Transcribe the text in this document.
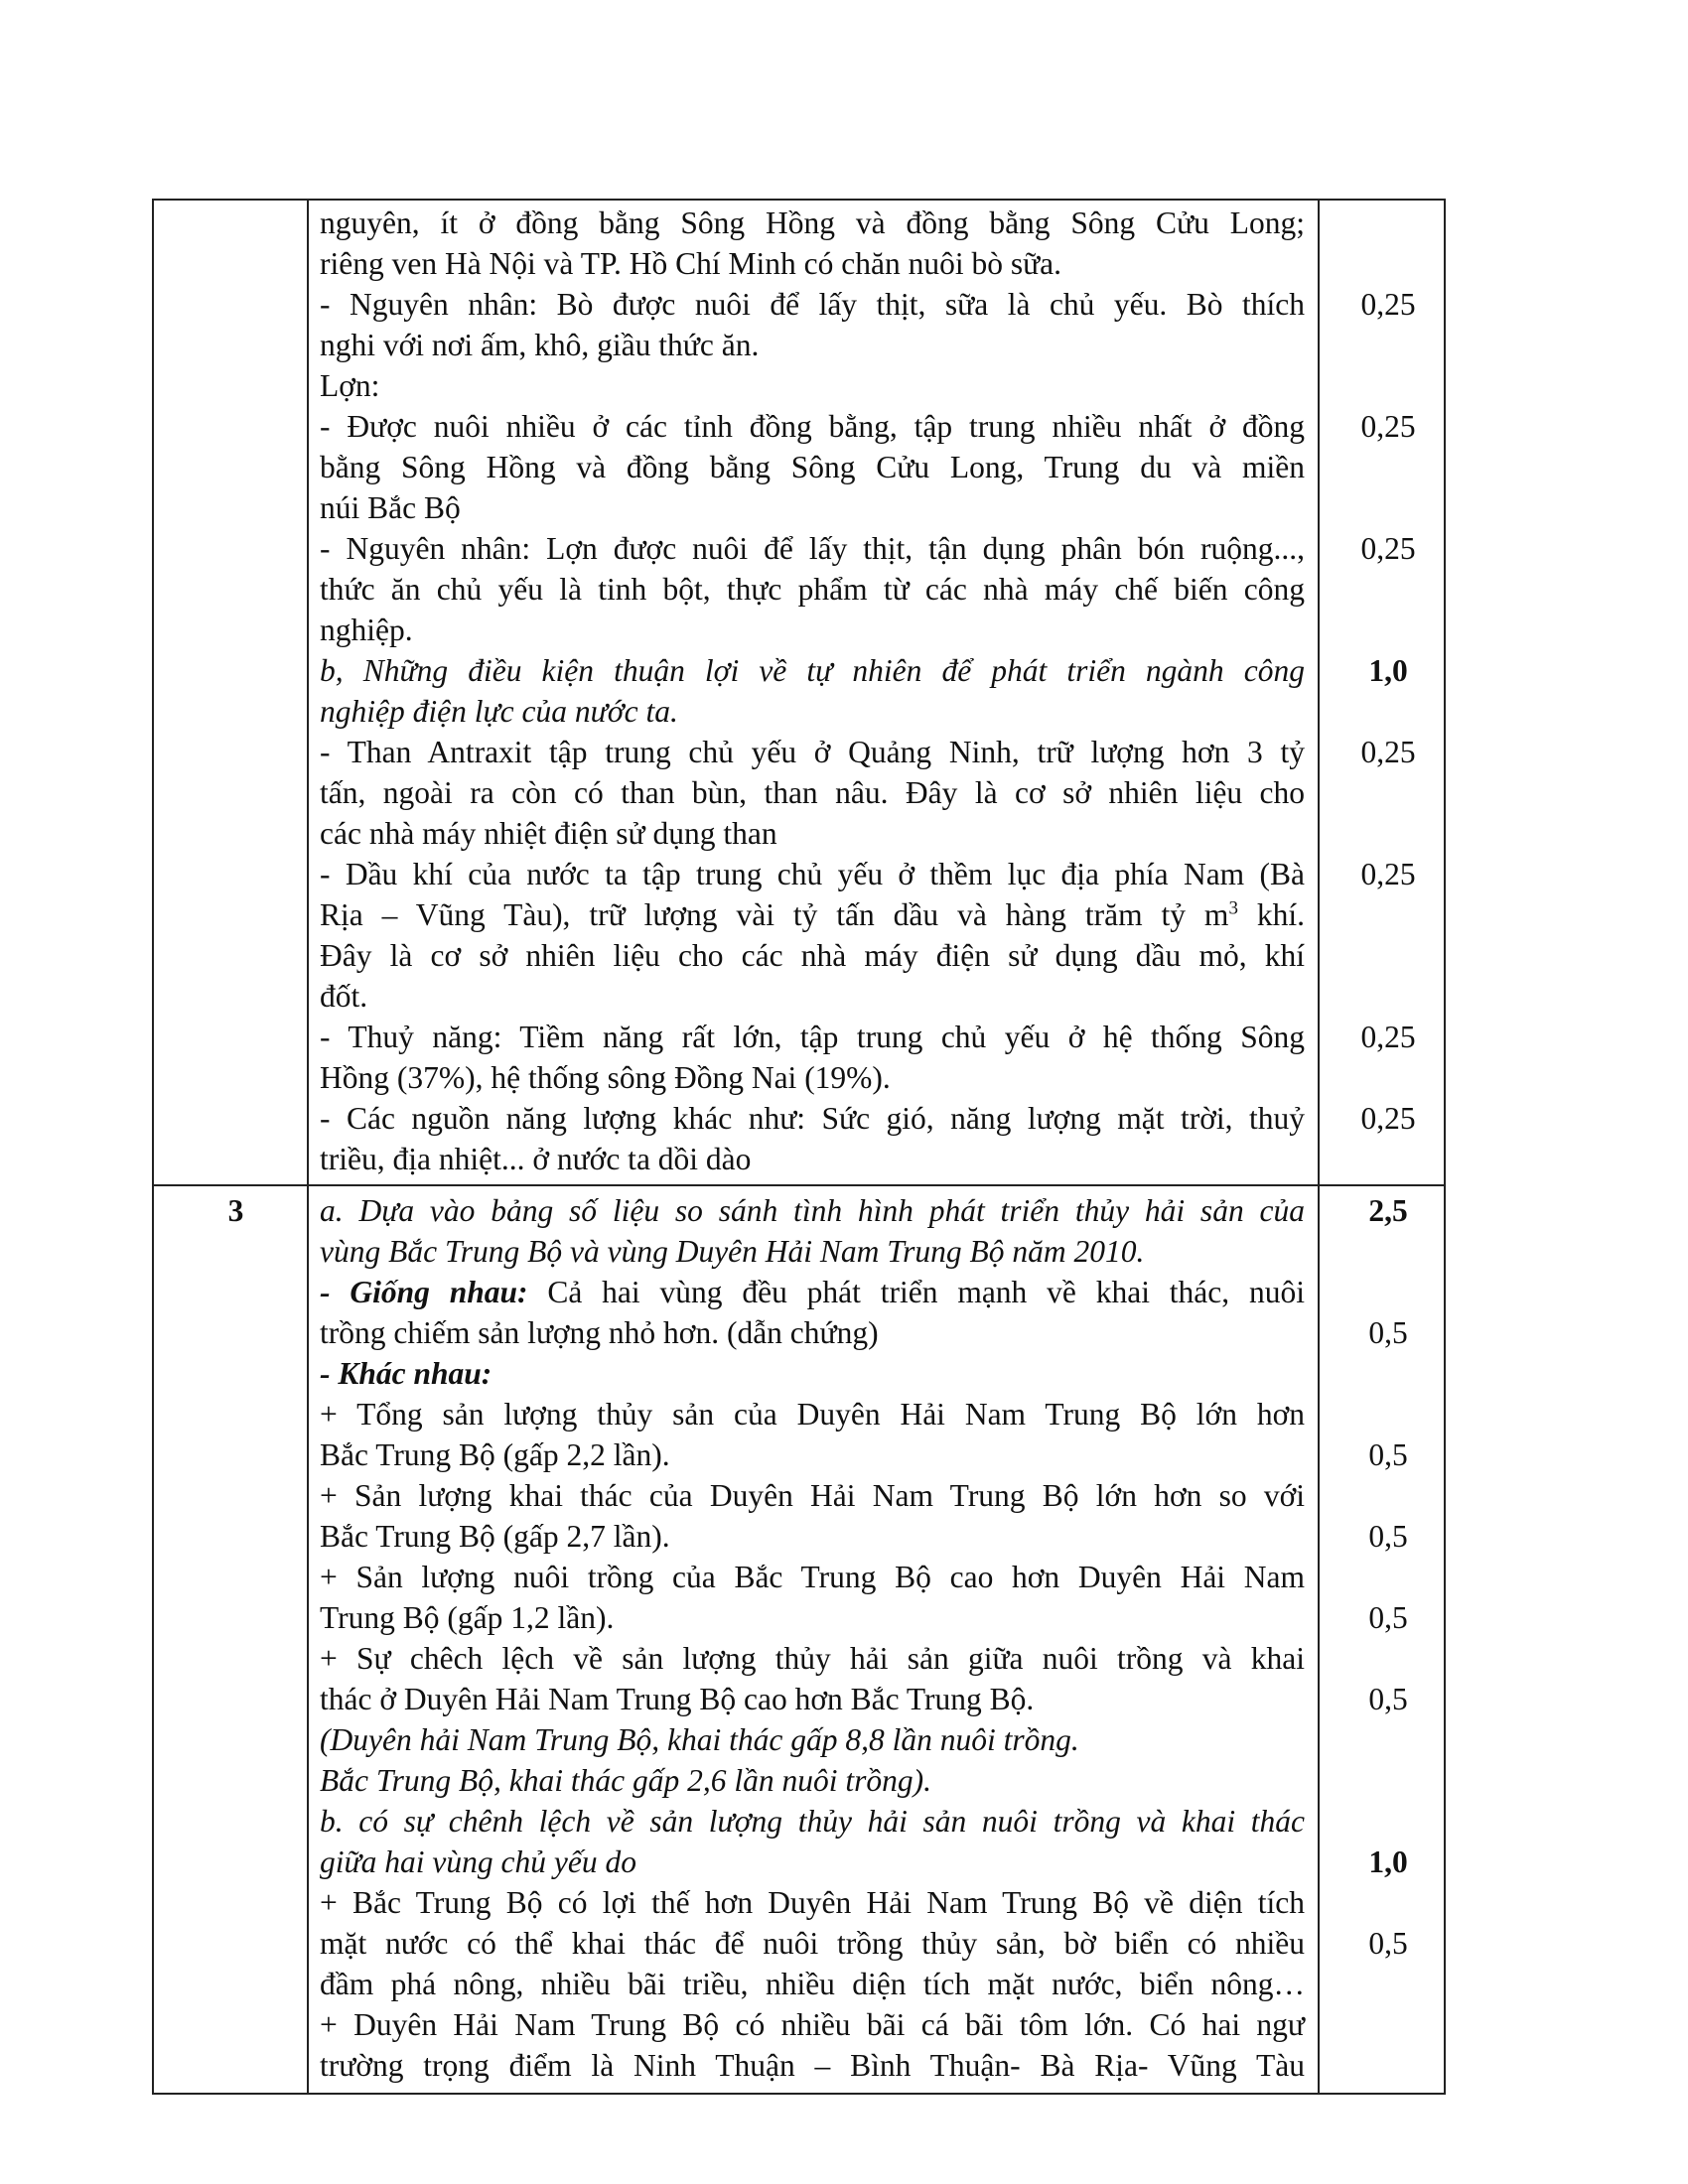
nguyên, ít ở đồng bằng Sông Hồng và đồng bằng Sông Cửu Long;
riêng ven Hà Nội và TP. Hồ Chí Minh có chăn nuôi bò sữa.
- Nguyên nhân: Bò được nuôi để lấy thịt, sữa là chủ yếu. Bò thích
nghi với nơi ấm, khô, giầu thức ăn.
Lợn:
- Được nuôi nhiều ở các tỉnh đồng bằng, tập trung nhiều nhất ở đồng
bằng Sông Hồng và đồng bằng Sông Cửu Long, Trung du và miền
núi Bắc Bộ
- Nguyên nhân: Lợn được nuôi để lấy thịt, tận dụng phân bón ruộng...,
thức ăn chủ yếu là tinh bột, thực phẩm từ các nhà máy chế biến công
nghiệp.
b, Những điều kiện thuận lợi về tự nhiên để phát triển ngành công
nghiệp điện lực của nước ta.
- Than Antraxit tập trung chủ yếu ở Quảng Ninh, trữ lượng hơn 3 tỷ
tấn, ngoài ra còn có than bùn, than nâu. Đây là cơ sở nhiên liệu cho
các nhà máy nhiệt điện sử dụng than
- Dầu khí của nước ta tập trung chủ yếu ở thềm lục địa phía Nam (Bà
Rịa – Vũng Tàu), trữ lượng vài tỷ tấn dầu và hàng trăm tỷ $m^3$ khí.
Đây là cơ sở nhiên liệu cho các nhà máy điện sử dụng dầu mỏ, khí
đốt.
- Thuỷ năng: Tiềm năng rất lớn, tập trung chủ yếu ở hệ thống Sông
Hồng (37%), hệ thống sông Đồng Nai (19%).
- Các nguồn năng lượng khác như: Sức gió, năng lượng mặt trời, thuỷ
triều, địa nhiệt... ở nước ta dồi dào
0,25
0,25
0,25
1,0
0,25
0,25
0,25
0,25
3	a. Dựa vào bảng số liệu so sánh tình hình phát triển thủy hải sản của
vùng Bắc Trung Bộ và vùng Duyên Hải Nam Trung Bộ năm 2010.
- Giống nhau: Cả hai vùng đều phát triển mạnh về khai thác, nuôi
trồng chiếm sản lượng nhỏ hơn. (dẫn chứng)
- Khác nhau:
+ Tổng sản lượng thủy sản của Duyên Hải Nam Trung Bộ lớn hơn
Bắc Trung Bộ (gấp 2,2 lần).
+ Sản lượng khai thác của Duyên Hải Nam Trung Bộ lớn hơn so với
Bắc Trung Bộ (gấp 2,7 lần).
+ Sản lượng nuôi trồng của Bắc Trung Bộ cao hơn Duyên Hải Nam
Trung Bộ (gấp 1,2 lần).
+ Sự chêch lệch về sản lượng thủy hải sản giữa nuôi trồng và khai
thác ở Duyên Hải Nam Trung Bộ cao hơn Bắc Trung Bộ.
(Duyên hải Nam Trung Bộ, khai thác gấp 8,8 lần nuôi trồng.
Bắc Trung Bộ, khai thác gấp 2,6 lần nuôi trồng).
b. có sự chênh lệch về sản lượng thủy hải sản nuôi trồng và khai thác
giữa hai vùng chủ yếu do
+ Bắc Trung Bộ có lợi thế hơn Duyên Hải Nam Trung Bộ về diện tích
mặt nước có thể khai thác để nuôi trồng thủy sản, bờ biển có nhiều
đầm phá nông, nhiều bãi triều, nhiều diện tích mặt nước, biển nông…
+ Duyên Hải Nam Trung Bộ có nhiều bãi cá bãi tôm lớn. Có hai ngư
trường trọng điểm là Ninh Thuận – Bình Thuận- Bà Rịa- Vũng Tàu
2,5
0,5
0,5
0,5
0,5
0,5
1,0
0,5
